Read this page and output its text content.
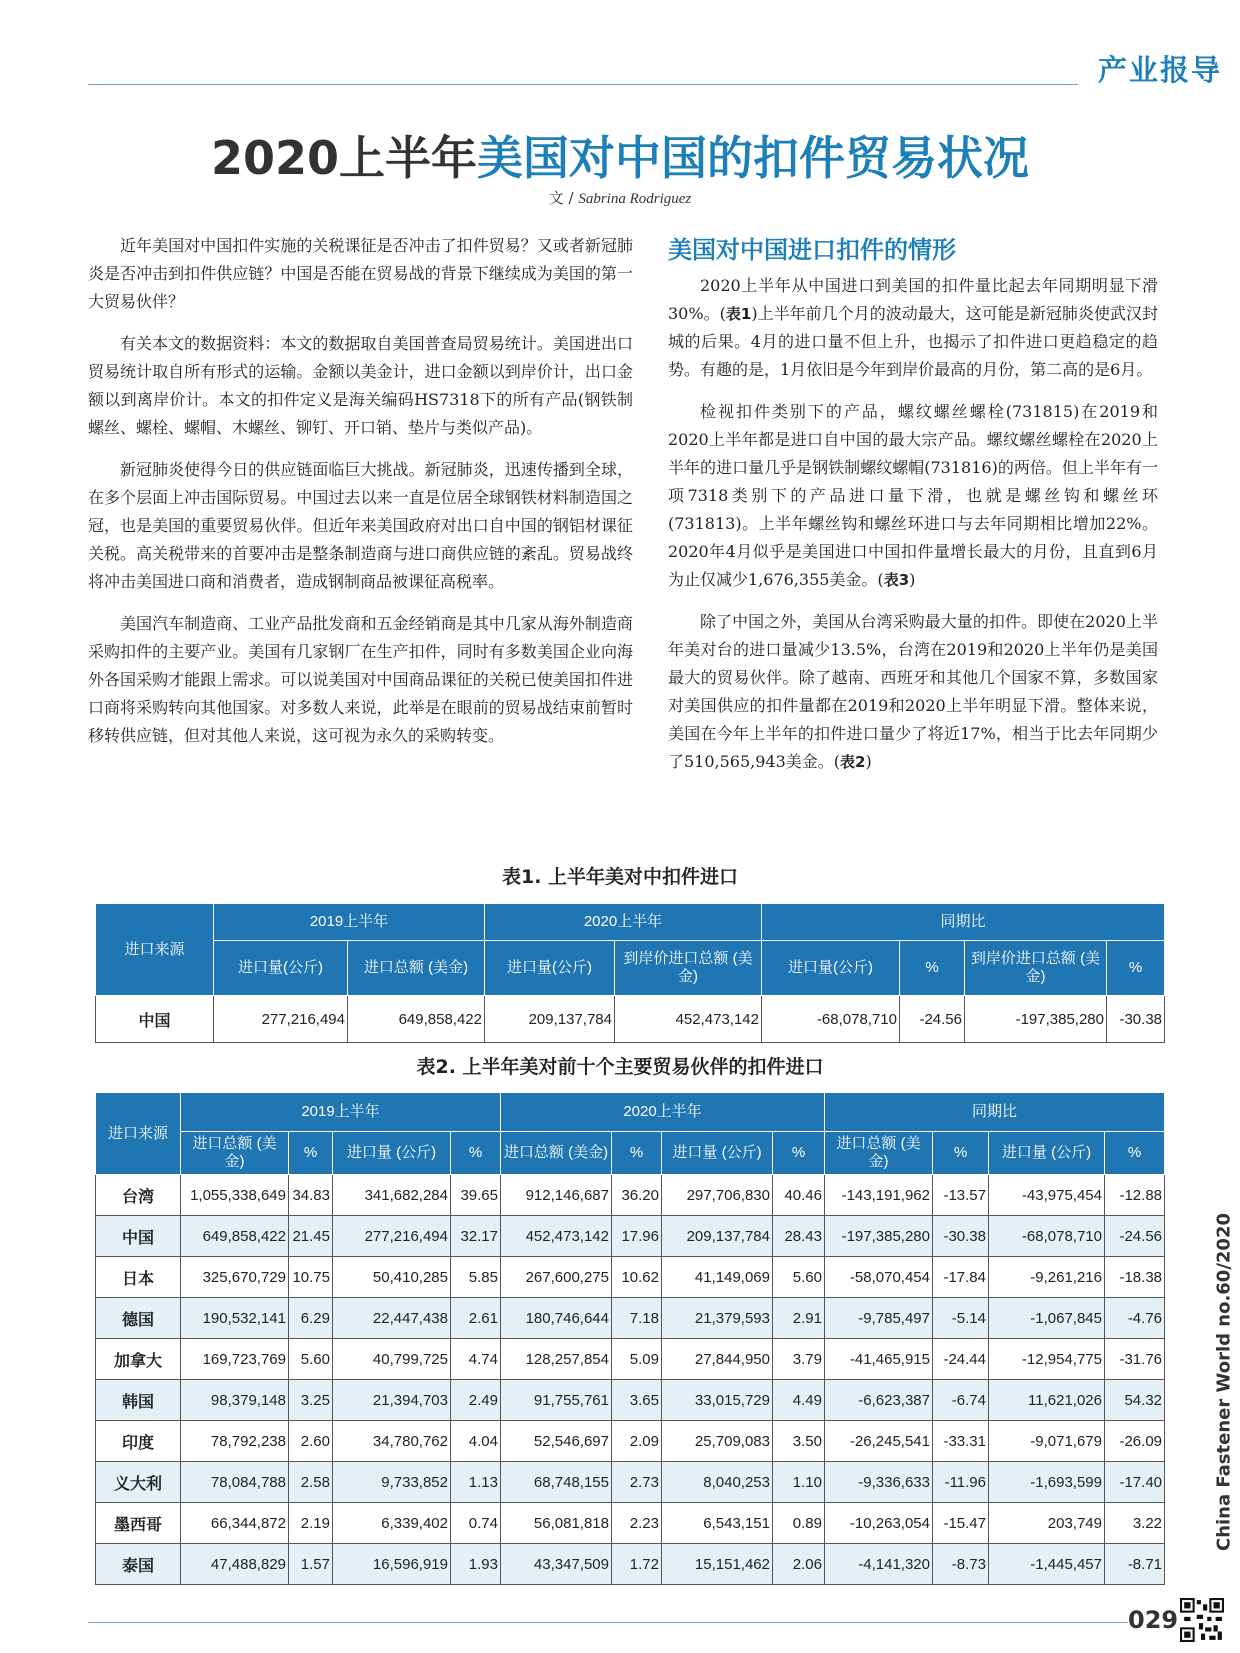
产业报导
2020上半年美国对中国的扣件贸易状况
文 / Sabrina Rodriguez

近年美国对中国扣件实施的关税课征是否冲击了扣件贸易？又或者新冠肺炎是否冲击到扣件供应链？中国是否能在贸易战的背景下继续成为美国的第一大贸易伙伴？

有关本文的数据资料：本文的数据取自美国普查局贸易统计。美国进出口贸易统计取自所有形式的运输。金额以美金计，进口金额以到岸价计，出口金额以到离岸价计。本文的扣件定义是海关编码HS7318下的所有产品(钢铁制螺丝、螺栓、螺帽、木螺丝、铆钉、开口销、垫片与类似产品)。

新冠肺炎使得今日的供应链面临巨大挑战。新冠肺炎，迅速传播到全球，在多个层面上冲击国际贸易。中国过去以来一直是位居全球钢铁材料制造国之冠，也是美国的重要贸易伙伴。但近年来美国政府对出口自中国的钢铝材课征关税。高关税带来的首要冲击是整条制造商与进口商供应链的紊乱。贸易战终将冲击美国进口商和消费者，造成钢制商品被课征高税率。

美国汽车制造商、工业产品批发商和五金经销商是其中几家从海外制造商采购扣件的主要产业。美国有几家钢厂在生产扣件，同时有多数美国企业向海外各国采购才能跟上需求。可以说美国对中国商品课征的关税已使美国扣件进口商将采购转向其他国家。对多数人来说，此举是在眼前的贸易战结束前暂时移转供应链，但对其他人来说，这可视为永久的采购转变。

美国对中国进口扣件的情形

2020上半年从中国进口到美国的扣件量比起去年同期明显下滑30%。(表1)上半年前几个月的波动最大，这可能是新冠肺炎使武汉封城的后果。4月的进口量不但上升，也揭示了扣件进口更趋稳定的趋势。有趣的是，1月依旧是今年到岸价最高的月份，第二高的是6月。

检视扣件类别下的产品，螺纹螺丝螺栓(731815)在2019和2020上半年都是进口自中国的最大宗产品。螺纹螺丝螺栓在2020上半年的进口量几乎是钢铁制螺纹螺帽(731816)的两倍。但上半年有一项7318类别下的产品进口量下滑，也就是螺丝钩和螺丝环(731813)。上半年螺丝钩和螺丝环进口与去年同期相比增加22%。2020年4月似乎是美国进口中国扣件量增长最大的月份，且直到6月为止仅减少1,676,355美金。(表3)

除了中国之外，美国从台湾采购最大量的扣件。即使在2020上半年美对台的进口量减少13.5%，台湾在2019和2020上半年仍是美国最大的贸易伙伴。除了越南、西班牙和其他几个国家不算，多数国家对美国供应的扣件量都在2019和2020上半年明显下滑。整体来说，美国在今年上半年的扣件进口量少了将近17%，相当于比去年同期少了510,565,943美金。(表2)

表1. 上半年美对中扣件进口
进口来源	2019上半年		2020上半年		同期比			
	进口量(公斤)	进口总额 (美金)	进口量(公斤)	到岸价进口总额 (美金)	进口量(公斤)	%	到岸价进口总额 (美金)	%
中国	277,216,494	649,858,422	209,137,784	452,473,142	-68,078,710	-24.56	-197,385,280	-30.38
表2. 上半年美对前十个主要贸易伙伴的扣件进口
进口来源	2019上半年				2020上半年				同期比			
	进口总额 (美金)	%	进口量 (公斤)	%	进口总额 (美金)	%	进口量 (公斤)	%	进口总额 (美金)	%	进口量 (公斤)	%
台湾	1,055,338,649	34.83	341,682,284	39.65	912,146,687	36.20	297,706,830	40.46	-143,191,962	-13.57	-43,975,454	-12.88
中国	649,858,422	21.45	277,216,494	32.17	452,473,142	17.96	209,137,784	28.43	-197,385,280	-30.38	-68,078,710	-24.56
日本	325,670,729	10.75	50,410,285	5.85	267,600,275	10.62	41,149,069	5.60	-58,070,454	-17.84	-9,261,216	-18.38
德国	190,532,141	6.29	22,447,438	2.61	180,746,644	7.18	21,379,593	2.91	-9,785,497	-5.14	-1,067,845	-4.76
加拿大	169,723,769	5.60	40,799,725	4.74	128,257,854	5.09	27,844,950	3.79	-41,465,915	-24.44	-12,954,775	-31.76
韩国	98,379,148	3.25	21,394,703	2.49	91,755,761	3.65	33,015,729	4.49	-6,623,387	-6.74	11,621,026	54.32
印度	78,792,238	2.60	34,780,762	4.04	52,546,697	2.09	25,709,083	3.50	-26,245,541	-33.31	-9,071,679	-26.09
义大利	78,084,788	2.58	9,733,852	1.13	68,748,155	2.73	8,040,253	1.10	-9,336,633	-11.96	-1,693,599	-17.40
墨西哥	66,344,872	2.19	6,339,402	0.74	56,081,818	2.23	6,543,151	0.89	-10,263,054	-15.47	203,749	3.22
泰国	47,488,829	1.57	16,596,919	1.93	43,347,509	1.72	15,151,462	2.06	-4,141,320	-8.73	-1,445,457	-8.71
China Fastener World no.60/2020
029
